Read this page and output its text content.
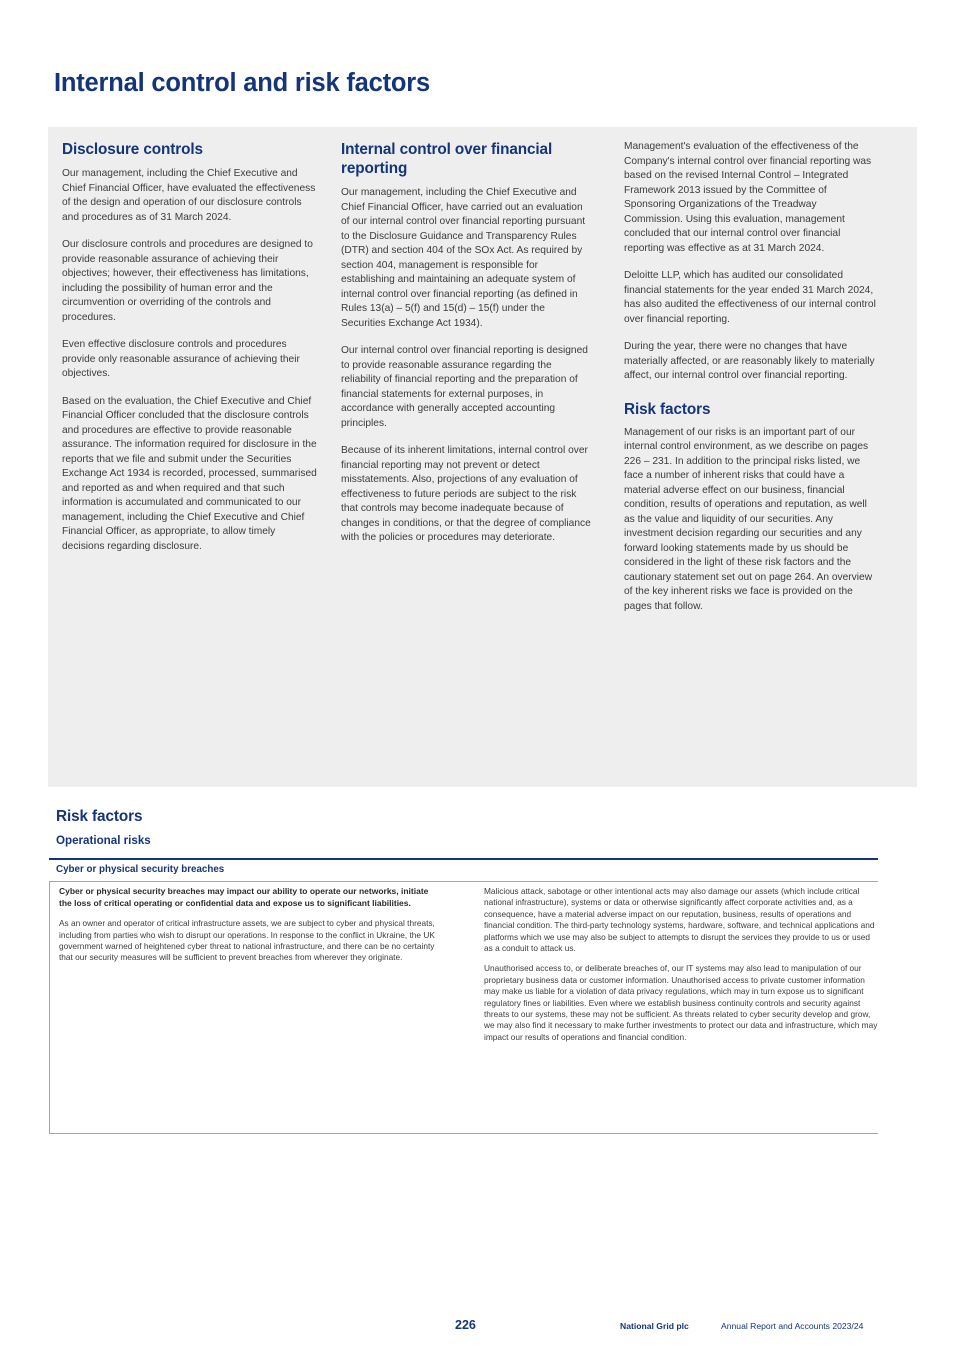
Internal control and risk factors
Disclosure controls

Our management, including the Chief Executive and Chief Financial Officer, have evaluated the effectiveness of the design and operation of our disclosure controls and procedures as of 31 March 2024.

Our disclosure controls and procedures are designed to provide reasonable assurance of achieving their objectives; however, their effectiveness has limitations, including the possibility of human error and the circumvention or overriding of the controls and procedures.

Even effective disclosure controls and procedures provide only reasonable assurance of achieving their objectives.

Based on the evaluation, the Chief Executive and Chief Financial Officer concluded that the disclosure controls and procedures are effective to provide reasonable assurance. The information required for disclosure in the reports that we file and submit under the Securities Exchange Act 1934 is recorded, processed, summarised and reported as and when required and that such information is accumulated and communicated to our management, including the Chief Executive and Chief Financial Officer, as appropriate, to allow timely decisions regarding disclosure.

Internal control over financial reporting

Our management, including the Chief Executive and Chief Financial Officer, have carried out an evaluation of our internal control over financial reporting pursuant to the Disclosure Guidance and Transparency Rules (DTR) and section 404 of the SOx Act. As required by section 404, management is responsible for establishing and maintaining an adequate system of internal control over financial reporting (as defined in Rules 13(a) – 5(f) and 15(d) – 15(f) under the Securities Exchange Act 1934).

Our internal control over financial reporting is designed to provide reasonable assurance regarding the reliability of financial reporting and the preparation of financial statements for external purposes, in accordance with generally accepted accounting principles.

Because of its inherent limitations, internal control over financial reporting may not prevent or detect misstatements. Also, projections of any evaluation of effectiveness to future periods are subject to the risk that controls may become inadequate because of changes in conditions, or that the degree of compliance with the policies or procedures may deteriorate.

Management's evaluation of the effectiveness of the Company's internal control over financial reporting was based on the revised Internal Control – Integrated Framework 2013 issued by the Committee of Sponsoring Organizations of the Treadway Commission. Using this evaluation, management concluded that our internal control over financial reporting was effective as at 31 March 2024.

Deloitte LLP, which has audited our consolidated financial statements for the year ended 31 March 2024, has also audited the effectiveness of our internal control over financial reporting.

During the year, there were no changes that have materially affected, or are reasonably likely to materially affect, our internal control over financial reporting.

Risk factors

Management of our risks is an important part of our internal control environment, as we describe on pages 226 – 231. In addition to the principal risks listed, we face a number of inherent risks that could have a material adverse effect on our business, financial condition, results of operations and reputation, as well as the value and liquidity of our securities. Any investment decision regarding our securities and any forward looking statements made by us should be considered in the light of these risk factors and the cautionary statement set out on page 264. An overview of the key inherent risks we face is provided on the pages that follow.

Risk factors
Operational risks
Cyber or physical security breaches

Cyber or physical security breaches may impact our ability to operate our networks, initiate the loss of critical operating or confidential data and expose us to significant liabilities.

As an owner and operator of critical infrastructure assets, we are subject to cyber and physical threats, including from parties who wish to disrupt our operations. In response to the conflict in Ukraine, the UK government warned of heightened cyber threat to national infrastructure, and there can be no certainty that our security measures will be sufficient to prevent breaches from wherever they originate.

Malicious attack, sabotage or other intentional acts may also damage our assets (which include critical national infrastructure), systems or data or otherwise significantly affect corporate activities and, as a consequence, have a material adverse impact on our reputation, business, results of operations and financial condition. The third-party technology systems, hardware, software, and technical applications and platforms which we use may also be subject to attempts to disrupt the services they provide to us or used as a conduit to attack us.

Unauthorised access to, or deliberate breaches of, our IT systems may also lead to manipulation of our proprietary business data or customer information. Unauthorised access to private customer information may make us liable for a violation of data privacy regulations, which may in turn expose us to significant regulatory fines or liabilities. Even where we establish business continuity controls and security against threats to our systems, these may not be sufficient. As threats related to cyber security develop and grow, we may also find it necessary to make further investments to protect our data and infrastructure, which may impact our results of operations and financial condition.

226	National Grid plc	Annual Report and Accounts 2023/24
